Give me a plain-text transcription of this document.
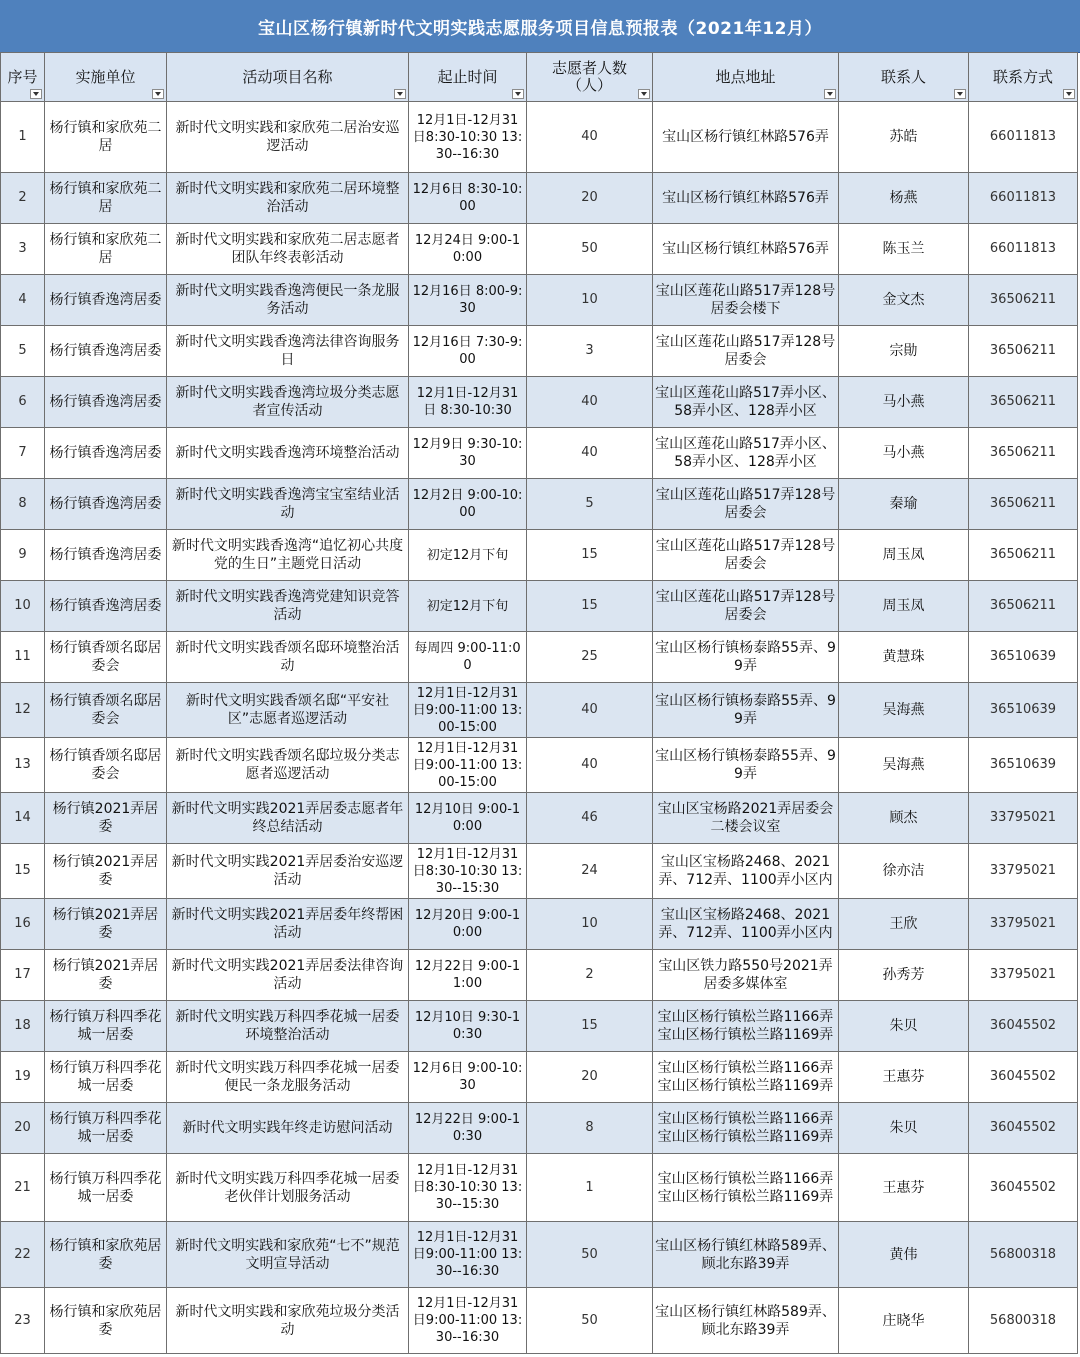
宝山区杨行镇新时代文明实践志愿服务项目信息预报表（2021年12月）
序号	实施单位	活动项目名称	起止时间	志愿者人数（人）	地点地址	联系人	联系方式

1	杨行镇和家欣苑二居	新时代文明实践和家欣苑二居治安巡逻活动	12月1日-12月31日8:30-10:30 13:30--16:30	40	宝山区杨行镇红林路576弄	苏皓	66011813

2	杨行镇和家欣苑二居	新时代文明实践和家欣苑二居环境整治活动	12月6日 8:30-10:00	20	宝山区杨行镇红林路576弄	杨燕	66011813

3	杨行镇和家欣苑二居	新时代文明实践和家欣苑二居志愿者团队年终表彰活动	12月24日 9:00-10:00	50	宝山区杨行镇红林路576弄	陈玉兰	66011813

4	杨行镇香逸湾居委	新时代文明实践香逸湾便民一条龙服务活动	12月16日 8:00-9:30	10	宝山区莲花山路517弄128号居委会楼下	金文杰	36506211

5	杨行镇香逸湾居委	新时代文明实践香逸湾法律咨询服务日	12月16日 7:30-9:00	3	宝山区莲花山路517弄128号居委会	宗勛	36506211

6	杨行镇香逸湾居委	新时代文明实践香逸湾垃圾分类志愿者宣传活动	12月1日-12月31日 8:30-10:30	40	宝山区莲花山路517弄小区、58弄小区、128弄小区	马小燕	36506211

7	杨行镇香逸湾居委	新时代文明实践香逸湾环境整治活动	12月9日 9:30-10:30	40	宝山区莲花山路517弄小区、58弄小区、128弄小区	马小燕	36506211

8	杨行镇香逸湾居委	新时代文明实践香逸湾宝宝室结业活动	12月2日 9:00-10:00	5	宝山区莲花山路517弄128号居委会	秦瑜	36506211

9	杨行镇香逸湾居委	新时代文明实践香逸湾“追忆初心共度党的生日”主题党日活动	初定12月下旬	15	宝山区莲花山路517弄128号居委会	周玉凤	36506211

10	杨行镇香逸湾居委	新时代文明实践香逸湾党建知识竞答活动	初定12月下旬	15	宝山区莲花山路517弄128号居委会	周玉凤	36506211

11	杨行镇香颂名邸居委会	新时代文明实践香颂名邸环境整治活动	每周四 9:00-11:00	25	宝山区杨行镇杨泰路55弄、99弄	黄慧珠	36510639

12	杨行镇香颂名邸居委会	新时代文明实践香颂名邸“平安社区”志愿者巡逻活动	12月1日-12月31日9:00-11:00 13:00-15:00	40	宝山区杨行镇杨泰路55弄、99弄	吴海燕	36510639

13	杨行镇香颂名邸居委会	新时代文明实践香颂名邸垃圾分类志愿者巡逻活动	12月1日-12月31日9:00-11:00 13:00-15:00	40	宝山区杨行镇杨泰路55弄、99弄	吴海燕	36510639

14	杨行镇2021弄居委	新时代文明实践2021弄居委志愿者年终总结活动	12月10日 9:00-10:00	46	宝山区宝杨路2021弄居委会二楼会议室	顾杰	33795021

15	杨行镇2021弄居委	新时代文明实践2021弄居委治安巡逻活动	12月1日-12月31日8:30-10:30 13:30--15:30	24	宝山区宝杨路2468、2021弄、712弄、1100弄小区内	徐亦洁	33795021

16	杨行镇2021弄居委	新时代文明实践2021弄居委年终帮困活动	12月20日 9:00-10:00	10	宝山区宝杨路2468、2021弄、712弄、1100弄小区内	王欣	33795021

17	杨行镇2021弄居委	新时代文明实践2021弄居委法律咨询活动	12月22日 9:00-11:00	2	宝山区铁力路550号2021弄居委多媒体室	孙秀芳	33795021

18	杨行镇万科四季花城一居委	新时代文明实践万科四季花城一居委环境整治活动	12月10日 9:30-10:30	15	宝山区杨行镇松兰路1166弄 宝山区杨行镇松兰路1169弄	朱贝	36045502

19	杨行镇万科四季花城一居委	新时代文明实践万科四季花城一居委便民一条龙服务活动	12月6日 9:00-10:30	20	宝山区杨行镇松兰路1166弄 宝山区杨行镇松兰路1169弄	王惠芬	36045502

20	杨行镇万科四季花城一居委	新时代文明实践年终走访慰问活动	12月22日 9:00-10:30	8	宝山区杨行镇松兰路1166弄 宝山区杨行镇松兰路1169弄	朱贝	36045502

21	杨行镇万科四季花城一居委	新时代文明实践万科四季花城一居委老伙伴计划服务活动	12月1日-12月31日8:30-10:30 13:30--15:30	1	宝山区杨行镇松兰路1166弄 宝山区杨行镇松兰路1169弄	王惠芬	36045502

22	杨行镇和家欣苑居委	新时代文明实践和家欣苑“七不”规范文明宣导活动	12月1日-12月31日9:00-11:00 13:30--16:30	50	宝山区杨行镇红林路589弄、顾北东路39弄	黄伟	56800318

23	杨行镇和家欣苑居委	新时代文明实践和家欣苑垃圾分类活动	12月1日-12月31日9:00-11:00 13:30--16:30	50	宝山区杨行镇红林路589弄、顾北东路39弄	庄晓华	56800318
